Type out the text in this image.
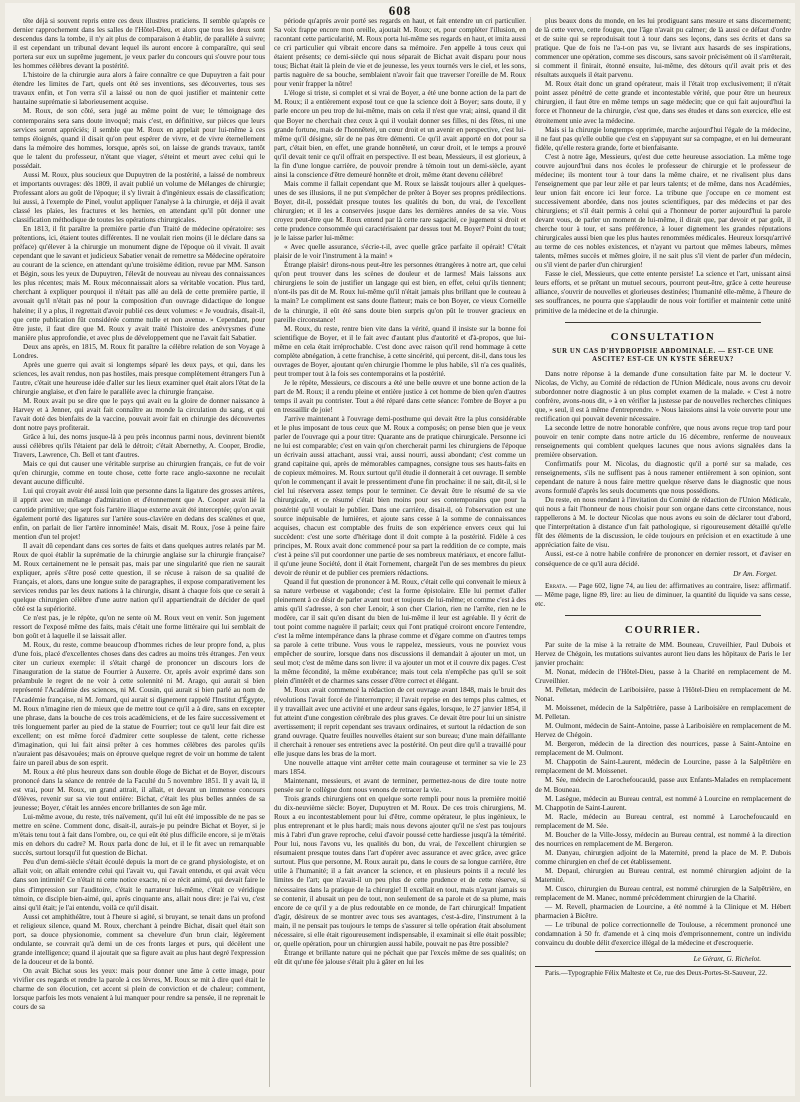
608

tête déjà si souvent repris entre ces deux illustres praticiens. Il semble qu'après ce dernier rapprochement dans les salles de l'Hôtel-Dieu, et alors que tous les deux sont descendus dans la tombe, il n'y ait plus de comparaison à établir, de parallèle à suivre; il est cependant un tribunal devant lequel ils auront encore à comparaître, qui seul portera sur eux un suprême jugement, je veux parler du concours qui s'ouvre pour tous les hommes célèbres devant la postérité.

L'histoire de la chirurgie aura alors à faire connaître ce que Dupuytren a fait pour étendre les limites de l'art, quels ont été ses inventions, ses découvertes, tous ses travaux enfin, et l'on verra s'il a laissé ou non de quoi justifier et maintenir cette hautaine suprématie si laborieusement acquise.

M. Roux, de son côté, sera jugé au même point de vue; le témoignage des contemporains sera sans doute invoqué; mais c'est, en définitive, sur pièces que leurs services seront appréciés; il semble que M. Roux en appelait pour lui-même à ces temps éloignés, quand il disait qu'on peut espérer de vivre, et de vivre éternellement dans la mémoire des hommes, lorsque, après soi, on laisse de grands travaux, tantôt que le talent du professeur, n'étant que viager, s'éteint et meurt avec celui qui le possédait.

Aussi M. Roux, plus soucieux que Dupuytren de la postérité, a laissé de nombreux et importants ouvrages: dès 1809, il avait publié un volume de Mélanges de chirurgie; Professant alors au goût de l'époque; il s'y livrait à d'ingénieux essais de classification; lui aussi, à l'exemple de Pinel, voulut appliquer l'analyse à la chirurgie, et déjà il avait classé les plaies, les fractures et les hernies, en attendant qu'il pût donner une classification méthodique de toutes les opérations chirurgicales.

En 1813, il fit paraître la première partie d'un Traité de médecine opératoire: ses prétentions, ici, étaient toutes différentes. Il ne voulait rien moins (il le déclare dans sa préface) qu'élever à la chirurgie un monument digne de l'époque où il vivait. Il avait cependant que le savant et judicieux Sabatier venait de remettre sa Médecine opératoire au courant de la science, en attendant qu'une troisième édition, revue par MM. Sanson et Bégin, sous les yeux de Dupuytren, l'élevât de nouveau au niveau des connaissances les plus récentes; mais M. Roux méconnaissait alors sa véritable vocation. Plus tard, cherchant à expliquer pourquoi il n'était pas allé au delà de cette première partie, il avouait qu'il n'était pas né pour la composition d'un ouvrage didactique de longue haleine; il y a plus, il regrettait d'avoir publié ces deux volumes: « Je voudrais, disait-il, que cette publication fût considérée comme nulle et non avenue. » Cependant, pour être juste, il faut dire que M. Roux y avait traité l'histoire des anévrysmes d'une manière plus approfondie, et avec plus de développement que ne l'avait fait Sabatier.

Deux ans après, en 1815, M. Roux fit paraître la célèbre relation de son Voyage à Londres.

Après une guerre qui avait si longtemps séparé les deux pays, et qui, dans les sciences, les avait rendus, non pas hostiles, mais presque complètement étrangers l'un à l'autre, c'était une heureuse idée d'aller sur les lieux examiner quel était alors l'état de la chirurgie anglaise, et d'en faire le parallèle avec la chirurgie française.

M. Roux avait pu se dire que le pays qui avait eu la gloire de donner naissance à Harvey et à Jenner, qui avait fait connaître au monde la circulation du sang, et qui l'avait doté des bienfaits de la vaccine, pouvait avoir fait en chirurgie des découvertes dont notre pays profiterait.

Grâce à lui, des noms jusque-là à peu près inconnus parmi nous, devinrent bientôt aussi célèbres qu'ils l'étaient par delà le détroit; c'était Abernethy, A. Cooper, Brodie, Travers, Lawrence, Ch. Bell et tant d'autres.

Mais ce qui dut causer une véritable surprise au chirurgien français, ce fut de voir qu'en chirurgie, comme en toute chose, cette forte race anglo-saxonne ne reculait devant aucune difficulté.

Lui qui croyait avoir été aussi loin que personne dans la ligature des grosses artères, il apprit avec un mélange d'admiration et d'étonnement que A. Cooper avait lié la carotide primitive; que sept fois l'artère iliaque externe avait été interceptée; qu'on avait également porté des ligatures sur l'artère sous-clavière en dedans des scalènes et que, enfin, on parlait de lier l'artère innominée! Mais, disait M. Roux, j'ose à peine faire mention d'un tel projet!

Il avait dû cependant dans ces sortes de faits et dans quelques autres relatés par M. Roux de quoi établir la suprématie de la chirurgie anglaise sur la chirurgie française? M. Roux certainement ne le pensait pas, mais par une singularité que rien ne saurait expliquer, après s'être posé cette question, il se récuse à raison de sa qualité de Français, et alors, dans une longue suite de paragraphes, il expose comparativement les services rendus par les deux nations à la chirurgie, disant à chaque fois que ce serait à quelque chirurgien célèbre d'une autre nation qu'il appartiendrait de décider de quel côté est la supériorité.

Ce n'est pas, je le répète, qu'on ne sente où M. Roux veut en venir. Son jugement ressort de l'exposé même des faits, mais c'était une forme littéraire qui lui semblait de bon goût et à laquelle il se laissait aller.

M. Roux, du reste, comme beaucoup d'hommes riches de leur propre fond, a, plus d'une fois, placé d'excellentes choses dans des cadres au moins très étranges. J'en veux citer un curieux exemple: il s'était chargé de prononcer un discours lors de l'inauguration de la statue de Fourrier à Auxerre. Or, après avoir exprimé dans son préambule le regret de ne voir à cette solennité ni M. Arago, qui aurait si bien représenté l'Académie des sciences, ni M. Cousin, qui aurait si bien parlé au nom de l'Académie française, ni M. Jomard, qui aurait si dignement rappelé l'Institut d'Égypte, M. Roux n'imagine rien de mieux que de mettre tout ce qu'il a à dire, sans en excepter une phrase, dans la bouche de ces trois académiciens, et de les faire successivement et très longuement parler au pied de la statue de Fourrier; tout ce qu'il leur fait dire est excellent; on est même forcé d'admirer cette souplesse de talent, cette richesse d'imagination, qui lui fait ainsi prêter à ces hommes célèbres des paroles qu'ils n'auraient pas désavouées; mais on éprouve quelque regret de voir un homme de talent faire un pareil abus de son esprit.

M. Roux a été plus heureux dans son double éloge de Bichat et de Boyer, discours prononcé dans la séance de rentrée de la Faculté du 5 novembre 1851. Il y avait là, il est vrai, pour M. Roux, un grand attrait, il allait, et devant un immense concours d'élèves, revenir sur sa vie tout entière: Bichat, c'était les plus belles années de sa jeunesse; Boyer, c'était les années encore brillantes de son âge mûr.

Lui-même avoue, du reste, très naïvement, qu'il lui eût été impossible de ne pas se mettre en scène. Comment donc, disait-il, aurais-je pu peindre Bichat et Boyer, si je m'étais tenu tout à fait dans l'ombre, ou, ce qui eût été plus difficile encore, si je m'étais mis en dehors du cadre? M. Roux parla donc de lui, et il le fit avec un remarquable succès, surtout lorsqu'il fut question de Bichat.

Peu d'un demi-siècle s'était écoulé depuis la mort de ce grand physiologiste, et on allait voir, on allait entendre celui qui l'avait vu, qui l'avait entendu, et qui avait vécu dans son intimité! Ce n'était ni cette notice exacte, ni ce récit animé, qui devait faire le plus d'impression sur l'auditoire, c'était le narrateur lui-même, c'était ce véridique témoin, ce disciple bien-aimé, qui, après cinquante ans, allait nous dire: je l'ai vu, c'est ainsi qu'il était; je l'ai entendu, voilà ce qu'il disait.

Aussi cet amphithéâtre, tout à l'heure si agité, si bruyant, se tenait dans un profond et religieux silence, quand M. Roux, cherchant à peindre Bichat, disait quel était son port, sa douce physionomie, comment sa chevelure d'un brun clair, légèrement ondulante, se couvrait qu'à demi un de ces fronts larges et purs, qui décèlent une grande intelligence; quand il ajoutait que sa figure avait au plus haut degré l'expression de la douceur et de la bonté.

On avait Bichat sous les yeux: mais pour donner une âme à cette image, pour vivifier ces regards et rendre la parole à ces lèvres, M. Roux se mit à dire quel était le charme de son élocution, cet accent si plein de conviction et de chaleur; comment, lorsque parfois les mots venaient à lui manquer pour rendre sa pensée, il ne reprenait le cours de sa

période qu'après avoir porté ses regards en haut, et fait entendre un cri particulier. Sa voix frappe encore mon oreille, ajoutait M. Roux; et, pour compléter l'illusion, en racontant cette particularité, M. Roux porta lui-même ses regards en haut, et imita aussi ce cri particulier qui vibrait encore dans sa mémoire. J'en appelle à tous ceux qui étaient présents; ce demi-siècle qui nous séparait de Bichat avait disparu pour nous tous; Bichat était là plein de vie et de jeunesse, les yeux tournés vers le ciel, et les sons, partis naguère de sa bouche, semblaient n'avoir fait que traverser l'oreille de M. Roux pour venir frapper la nôtre!

L'éloge si triste, si complet et si vrai de Boyer, a été une bonne action de la part de M. Roux; il a entièrement exposé tout ce que la science doit à Boyer; sans doute, il y parle encore un peu trop de lui-même, mais on cela il n'est que vrai; ainsi, quand il dit que Boyer ne cherchait chez ceux à qui il voulait donner ses filles, ni des fêtes, ni une grande fortune, mais de l'honnêteté, un cœur droit et un avenir en perspective, c'est lui-même qu'il désigne, sûr de ne pas être démenti. Ce qu'il avait apporté en dot pour sa part, c'était bien, en effet, une grande honnêteté, un cœur droit, et le temps a prouvé qu'il devait tenir ce qu'il offrait en perspective. Il est beau, Messieurs, il est glorieux, à la fin d'une longue carrière, de pouvoir prendre à témoin tout un demi-siècle, ayant ainsi la conscience d'être demeuré honnête et droit, même étant devenu célèbre!

Mais comme il fallait cependant que M. Roux se laissât toujours aller à quelques-unes de ses illusions, il ne put s'empêcher de prêter à Boyer ses propres prédilections. Boyer, dit-il, possédait presque toutes les qualités du bon, du vrai, de l'excellent chirurgien; et il les a conservées jusque dans les dernières années de sa vie. Vous croyez peut-être que M. Roux entend par là cette rare sagacité, ce jugement si droit et cette prudence consommée qui caractérisaient par dessus tout M. Boyer? Point du tout; je le laisse parler lui-même:

« Avec quelle assurance, s'écrie-t-il, avec quelle grâce parfaite il opérait! C'était plaisir de le voir l'instrument à la main! »

Étrange plaisir! dirons-nous peut-être les personnes étrangères à notre art, que celui qu'on peut trouver dans les scènes de douleur et de larmes! Mais laissons aux chirurgiens le soin de justifier un langage qui est bien, en effet, celui qu'ils tiennent; n'ont-ils pas dit de M. Roux lui-même qu'il n'était jamais plus brillant que le couteau à la main? Le compliment est sans doute flatteur; mais ce bon Boyer, ce vieux Corneille de la chirurgie, il eût été sans doute bien surpris qu'on pût le trouver gracieux en pareille circonstance!

M. Roux, du reste, rentre bien vite dans la vérité, quand il insiste sur la bonne foi scientifique de Boyer, et il le fait avec d'autant plus d'autorité et d'à-propos, que lui-même en cela était irréprochable. C'est donc avec raison qu'il rend hommage à cette complète abnégation, à cette franchise, à cette sincérité, qui percent, dit-il, dans tous les ouvrages de Boyer, ajoutant qu'en chirurgie l'homme le plus habile, s'il n'a ces qualités, peut tromper tout à la fois ses contemporains et la postérité.

Je le répète, Messieurs, ce discours a été une belle œuvre et une bonne action de la part de M. Roux; il a rendu pleine et entière justice à cet homme de bien qu'en d'autres temps il avait pu contrister. Tout a été réparé dans cette séance: l'ombre de Boyer a pu en tressaillir de joie!

J'arrive maintenant à l'ouvrage demi-posthume qui devait être la plus considérable et le plus imposant de tous ceux que M. Roux a composés; on pense bien que je veux parler de l'ouvrage qui a pour titre: Quarante ans de pratique chirurgicale. Personne ici ne lui est comparable; c'est en vain qu'on chercherait parmi les chirurgiens de l'époque un écrivain aussi attachant, aussi vrai, aussi nourri, aussi abondant; c'est comme un grand capitaine qui, après de mémorables campagnes, consigne tous ses hauts-faits en de copieux mémoires. M. Roux surtout qu'il étudie il donnerait à cet ouvrage. Il semble qu'on le commençant il avait le pressentiment d'une fin prochaine: il ne sait, dit-il, si le ciel lui réservera assez temps pour le terminer. Ce devait être le résumé de sa vie chirurgicale, et ce résumé c'était bien moins pour ses contemporains que pour la postérité qu'il voulait le publier. Dans une carrière, disait-il, où l'observation est une source inépuisable de lumières, et ajoute sans cesse à la somme de connaissances acquises, chacun est comptable des fruits de son expérience envers ceux qui lui succèdent: c'est une sorte d'héritage dont il doit compte à la postérité. Fidèle à ces principes, M. Roux avait donc commencé pour sa part la reddition de ce compte, mais c'est à peine s'il put coordonner une partie de ses nombreux matériaux, et encore fallut-il qu'une jeune Société, dont il était l'ornement, chargeât l'un de ses membres du pieux devoir de réunir et de publier ces premiers rédactions.

Quand il fut question de prononcer à M. Roux, c'était celle qui convenait le mieux à sa nature verbeuse et vagabonde; c'est la forme épistolaire. Elle lui permet d'aller pleinement à ce désir de parler avant tout et toujours de lui-même; et comme c'est à des amis qu'il s'adresse, à son cher Lenoir, à son cher Clarion, rien ne l'arrête, rien ne le modère, car il sait qu'en disant du bien de lui-même il leur est agréable. Il y écrit de tout point comme naguère il parlait; ceux qui l'ont pratiqué croiront encore l'entendre, c'est la même intempérance dans la phrase comme et d'égare comme on d'autres temps sa parole à cette tribune. Vous vous le rappelez, messieurs, vous ne pouviez vous empêcher de sourire, lorsque dans nos discussions il demandait à ajouter un mot, un seul mot; c'est de même dans son livre: il va ajouter un mot et il couvre dix pages. C'est la même fécondité, la même exubérance; mais tout cela n'empêche pas qu'il se soit plein d'intérêt et de charmes sans cesser d'être correct et élégant.

M. Roux avait commencé la rédaction de cet ouvrage avant 1848, mais le bruit des révolutions l'avait forcé de l'interrompre; il l'avait reprise en des temps plus calmes, et il y travaillait avec une activité et une ardeur sans égales, lorsque, le 27 janvier 1854, il fut atteint d'une congestion cérébrale des plus graves. Ce devait être pour lui un sinistre avertissement; il reprit cependant ses travaux ordinaires, et surtout la rédaction de son grand ouvrage. Quatre feuilles nouvelles étaient sur son bureau; d'une main défaillante il cherchait à renouer ses entretiens avec la postérité. On peut dire qu'il a travaillé pour elle jusque dans les bras de la mort.

Une nouvelle attaque vint arrêter cette main courageuse et terminer sa vie le 23 mars 1854.

Maintenant, messieurs, et avant de terminer, permettez-nous de dire toute notre pensée sur le collègue dont nous venons de retracer la vie.

Trois grands chirurgiens ont en quelque sorte rempli pour nous la première moitié du dix-neuvième siècle: Boyer, Dupuytren et M. Roux. De ces trois chirurgiens, M. Roux a eu incontestablement pour lui d'être, comme opérateur, le plus ingénieux, le plus entreprenant et le plus hardi; mais nous devons ajouter qu'il ne s'est pas toujours mis à l'abri d'un grave reproche, celui d'avoir poussé cette hardiesse jusqu'à la témérité. Pour lui, nous l'avons vu, les qualités du bon, du vrai, de l'excellent chirurgien se résumaient presque toutes dans l'art d'opérer avec assurance et avec grâce, avec grâce surtout. Plus que personne, M. Roux aurait pu, dans le cours de sa longue carrière, être utile à l'humanité; il a fait avancer la science, et en plusieurs points il a reculé les limites de l'art; que n'avait-il un peu plus de cette prudence et de cette réserve, si nécessaires dans la pratique de la chirurgie! Il excellait en tout, mais n'ayant jamais su se contenir, il abusait un peu de tout, non seulement de sa parole et de sa plume, mais encore de ce qu'il y a de plus redoutable en ce monde, de l'art chirurgical! Impatient d'agir, désireux de se montrer avec tous ses avantages, c'est-à-dire, l'instrument à la main, il ne pensait pas toujours le temps de s'assurer si telle opération était absolument nécessaire, si elle était rigoureusement indispensable, il examinait si elle était possible; or, quelle opération, pour un chirurgien aussi habile, pouvait ne pas être possible?

Étrange et brillante nature qui ne péchait que par l'excès même de ses qualités; on eût dit qu'une fée jalouse s'était plu à gâter en lui les

plus beaux dons du monde, en les lui prodiguant sans mesure et sans discernement; de là cette verve, cette fougue, que l'âge n'avait pu calmer; de là aussi ce défaut d'ordre et de suite qui se reproduisait tout à tour dans ses leçons, dans ses écrits et dans sa pratique. Que de fois ne l'a-t-on pas vu, se livrant aux hasards de ses inspirations, commencer une opération, comme ses discours, sans savoir précisément où il s'arrêterait, si comment il finirait, étonné ensuite, lui-même, des détours qu'il avait pris et des résultats auxquels il était parvenu.

M. Roux était donc un grand opérateur, mais il l'était trop exclusivement; il n'était point assez pénétré de cette grande et incontestable vérité, que pour être un heureux chirurgien, il faut être en même temps un sage médecin; que ce qui fait aujourd'hui la force et l'honneur de la chirurgie, c'est que, dans ses études et dans son exercice, elle est étroitement unie avec la médecine.

Mais si la chirurgie longtemps opprimée, marche aujourd'hui l'égale de la médecine, il ne faut pas qu'elle oublie que c'est en s'appuyant sur sa compagne, et en lui demeurant fidèle, qu'elle restera grande, forte et bienfaisante.

C'est à notre âge, Messieurs, qu'est due cette heureuse association. La même toge couvre aujourd'hui dans nos écoles le professeur de chirurgie et le professeur de médecine; ils montent tour à tour dans la même chaire, et ne rivalisent plus dans l'enseignement que par leur zèle et par leurs talents; et de même, dans nos Académies, leur union fait encore ici leur force. La tribune que j'occupe en ce moment est successivement abordée, dans nos joutes scientifiques, par des médecins et par des chirurgiens; et s'il était permis à celui qui a l'honneur de porter aujourd'hui la parole devant vous, de parler un moment de lui-même, il dirait que, par devoir et par goût, il cherche tour à tour, et sans préférence, à louer dignement les grandes réputations chirurgicales aussi bien que les plus hautes renommées médicales. Heureux lorsqu'arrivé au terme de ces nobles existences, et n'ayant vu partout que mêmes labeurs, mêmes talents, mêmes succès et mêmes gloire, il ne sait plus s'il vient de parler d'un médecin, ou s'il vient de parler d'un chirurgien!

Fasse le ciel, Messieurs, que cette entente persiste! La science et l'art, unissant ainsi leurs efforts, et se prêtant un mutuel secours, pourront peut-être, grâce à cette heureuse alliance, s'ouvrir de nouvelles et glorieuses destinées; l'humanité elle-même, à l'heure de ses souffrances, ne pourra que s'applaudir de nous voir fortifier et maintenir cette unité primitive de la médecine et de la chirurgie.

CONSULTATION
SUR UN CAS D'HYDROPISIE ABDOMINALE. — EST-CE UNE ASCITE? EST-CE UN KYSTE SÉREUX?

Dans notre réponse à la demande d'une consultation faite par M. le docteur V. Nicolas, de Vichy, au Comité de rédaction de l'Union Médicale, nous avons cru devoir subordonner notre diagnostic à un plus complet examen de la malade. « C'est à notre confrère, avons-nous dit, » à en vérifier la justesse par de nouvelles recherches cliniques que, » seul, il est à même d'entreprendre. » Nous laissions ainsi la voie ouverte pour une rectification qui pouvait devenir nécessaire.

La seconde lettre de notre honorable confrère, que nous avons reçue trop tard pour pouvoir en tenir compte dans notre article du 16 décembre, renferme de nouveaux renseignements qui comblent quelques lacunes que nous avions signalées dans la première observation.

Confirmatifs pour M. Nicolas, du diagnostic qu'il a porté sur sa malade, ces renseignements, s'ils ne suffisent pas à nous ramener entièrement à son opinion, sont cependant de nature à nous faire mettre quelque réserve dans le diagnostic que nous avons formulé d'après les seuls documents que nous possédions.

Du reste, en nous rendant à l'invitation du Comité de rédaction de l'Union Médicale, qui nous a fait l'honneur de nous choisir pour son organe dans cette circonstance, nous rappellerons à M. le docteur Nicolas que nous avons eu soin de déclarer tout d'abord, que l'interprétation à distance d'un fait pathologique, si rigoureusement détaillé qu'elle fût des éléments de la discussion, le cède toujours en précision et en exactitude à une appréciation faite de visu.

Aussi, est-ce à notre habile confrère de prononcer en dernier ressort, et d'aviser en conséquence de ce qu'il aura décidé.

Dr Am. Forget.

Errata. — Page 602, ligne 74, au lieu de: affirmatives au contraire, lisez: affirmatif. — Même page, ligne 89, lire: au lieu de diminuer, la quantité du liquide va sans cesse, etc.

COURRIER.

Par suite de la mise à la retraite de MM. Bouneau, Cruveilhier, Paul Dubois et Hervez de Chégoin, les mutations suivantes auront lieu dans les hôpitaux de Paris le 1er janvier prochain:

M. Nonat, médecin de l'Hôtel-Dieu, passe à la Charité en remplacement de M. Cruveilhier.

M. Pelletan, médecin de Lariboisière, passe à l'Hôtel-Dieu en remplacement de M. Nonat.

M. Moissenet, médecin de la Salpêtrière, passe à Lariboisière en remplacement de M. Pelletan.

M. Oulmont, médecin de Saint-Antoine, passe à Lariboisière en remplacement de M. Hervez de Chégoin.

M. Bergeron, médecin de la direction des nourrices, passe à Saint-Antoine en remplacement de M. Oulmont.

M. Chappotin de Saint-Laurent, médecin de Lourcine, passe à la Salpêtrière en remplacement de M. Moissenet.

M. Sée, médecin de Larochefoucauld, passe aux Enfants-Malades en remplacement de M. Bouneau.

M. Lasègue, médecin au Bureau central, est nommé à Lourcine en remplacement de M. Chappotin de Saint-Laurent.

M. Racle, médecin au Bureau central, est nommé à Larochefoucauld en remplacement de M. Sée.

M. Boucher de la Ville-Jossy, médecin au Bureau central, est nommé à la direction des nourrices en remplacement de M. Bergeron.

M. Danyau, chirurgien adjoint de la Maternité, prend la place de M. P. Dubois comme chirurgien en chef de cet établissement.

M. Depaul, chirurgien au Bureau central, est nommé chirurgien adjoint de la Maternité.

M. Cusco, chirurgien du Bureau central, est nommé chirurgien de la Salpêtrière, en remplacement de M. Manec, nommé précédemment chirurgien de la Charité.

— M. Revell, pharmacien de Lourcine, a été nommé à la Clinique et M. Hébert pharmacien à Bicêtre.

— Le tribunal de police correctionnelle de Toulouse, a récemment prononcé une condamnation à 50 fr. d'amende et à cinq mois d'emprisonnement, contre un individu convaincu du double délit d'exercice illégal de la médecine et d'escroquerie.

Le Gérant, G. Richelot.

Paris.—Typographie Félix Malteste et Ce, rue des Deux-Portes-St-Sauveur, 22.
